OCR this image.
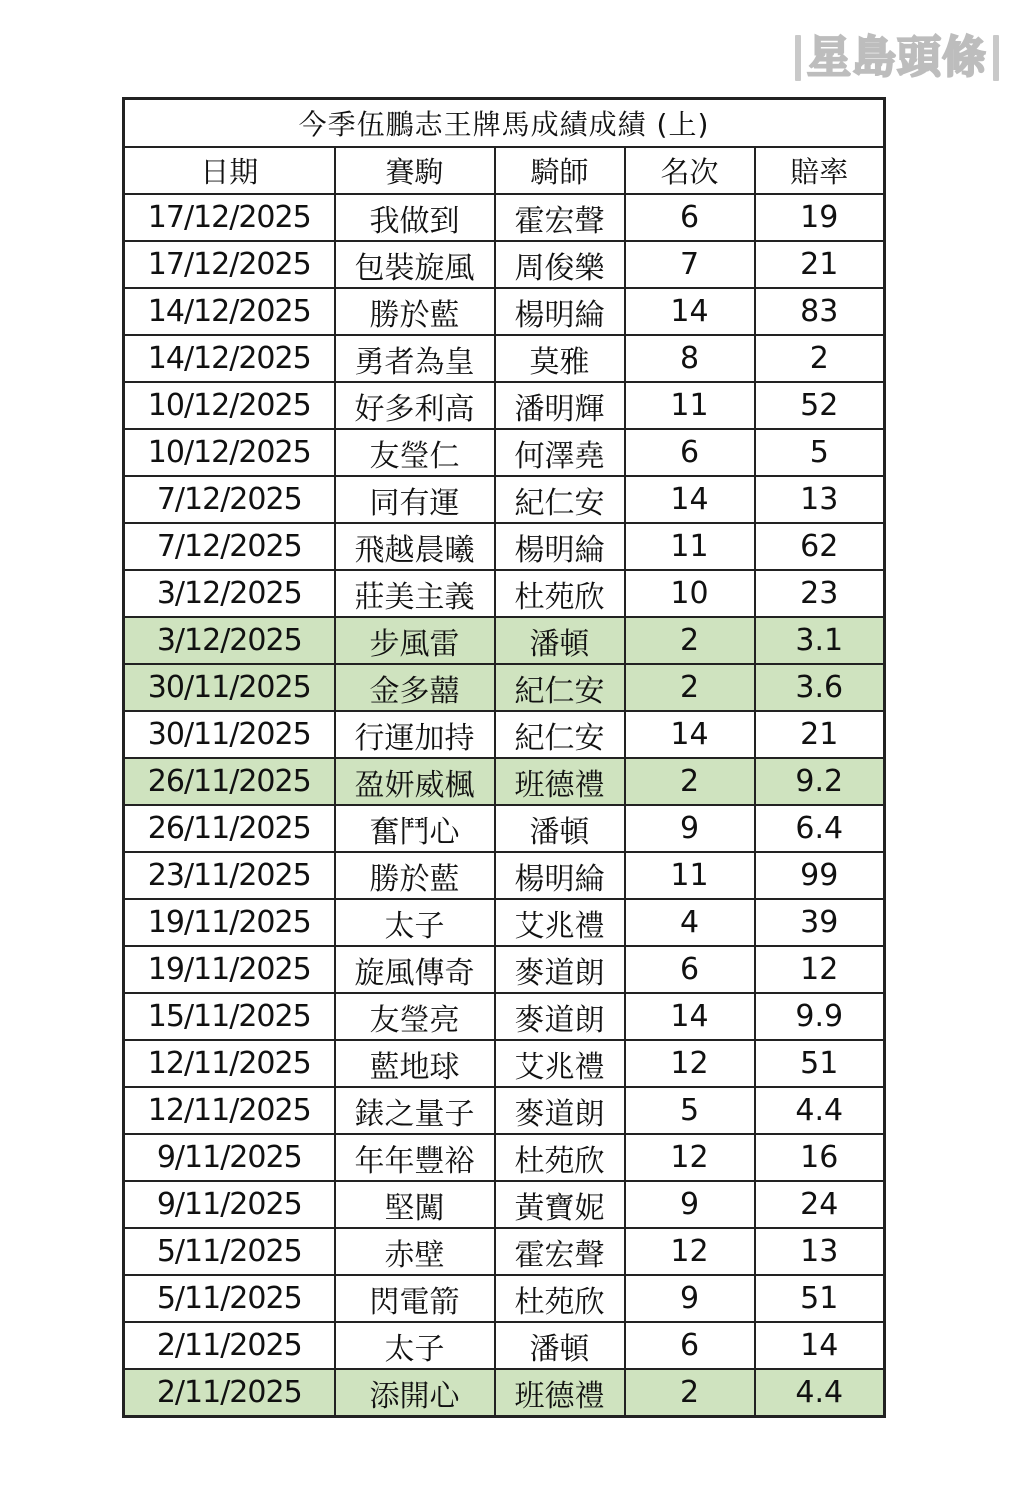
星島頭條
今季伍鵬志王牌馬成績成績 (上)				
日期	賽駒	騎師	名次	賠率
17/12/2025	我做到	霍宏聲	6	19
17/12/2025	包裝旋風	周俊樂	7	21
14/12/2025	勝於藍	楊明綸	14	83
14/12/2025	勇者為皇	莫雅	8	2
10/12/2025	好多利高	潘明輝	11	52
10/12/2025	友瑩仁	何澤堯	6	5
7/12/2025	同有運	紀仁安	14	13
7/12/2025	飛越晨曦	楊明綸	11	62
3/12/2025	莊美主義	杜苑欣	10	23
3/12/2025	步風雷	潘頓	2	3.1
30/11/2025	金多囍	紀仁安	2	3.6
30/11/2025	行運加持	紀仁安	14	21
26/11/2025	盈妍威楓	班德禮	2	9.2
26/11/2025	奮鬥心	潘頓	9	6.4
23/11/2025	勝於藍	楊明綸	11	99
19/11/2025	太子	艾兆禮	4	39
19/11/2025	旋風傳奇	麥道朗	6	12
15/11/2025	友瑩亮	麥道朗	14	9.9
12/11/2025	藍地球	艾兆禮	12	51
12/11/2025	錶之量子	麥道朗	5	4.4
9/11/2025	年年豐裕	杜苑欣	12	16
9/11/2025	堅闖	黃寶妮	9	24
5/11/2025	赤壁	霍宏聲	12	13
5/11/2025	閃電箭	杜苑欣	9	51
2/11/2025	太子	潘頓	6	14
2/11/2025	添開心	班德禮	2	4.4
